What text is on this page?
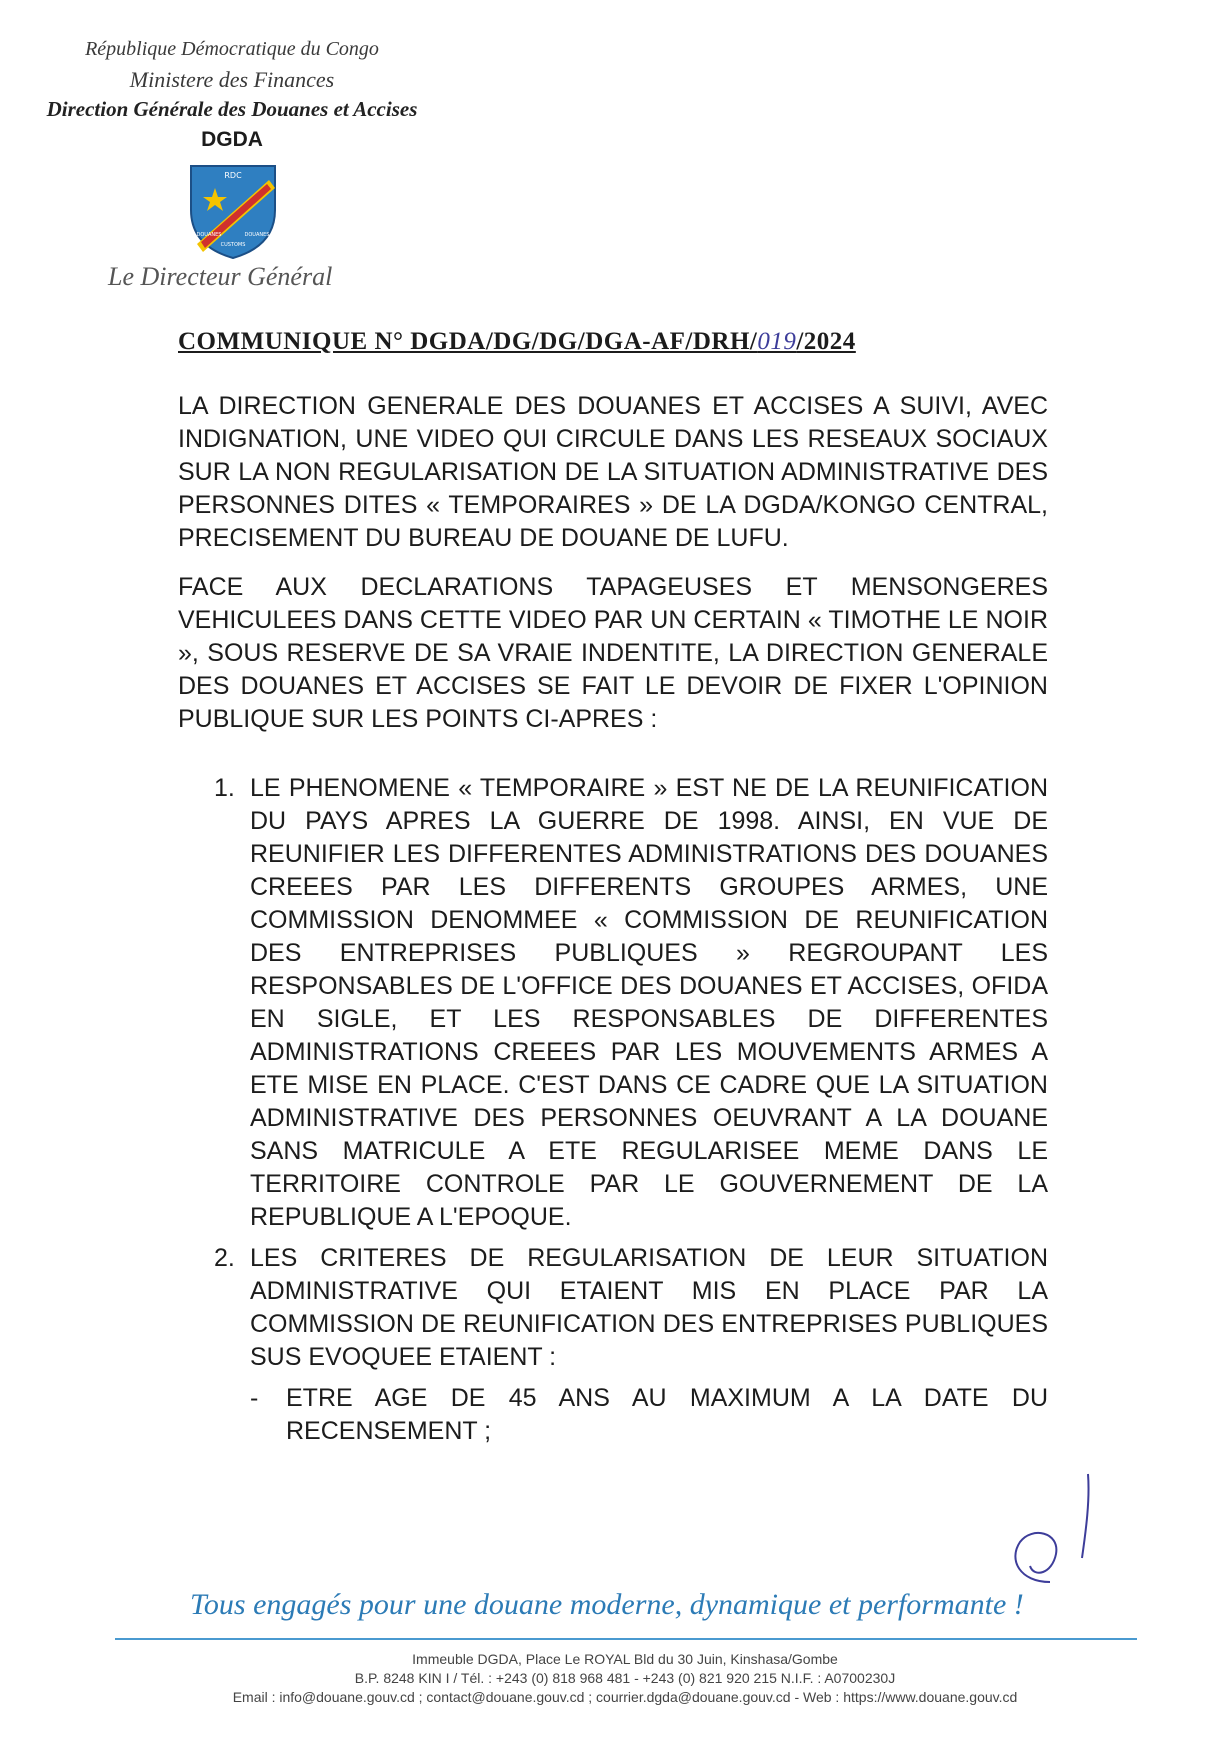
République Démocratique du Congo

Ministere des Finances

Direction Générale des Douanes et Accises

DGDA

RDC
DOUANES
CUSTOMS
DOUANES
Le Directeur Général
COMMUNIQUE N° DGDA/DG/DG/DGA-AF/DRH/019/2024

LA DIRECTION GENERALE DES DOUANES ET ACCISES A SUIVI, AVEC INDIGNATION, UNE VIDEO QUI CIRCULE DANS LES RESEAUX SOCIAUX SUR LA NON REGULARISATION DE LA SITUATION ADMINISTRATIVE DES PERSONNES DITES « TEMPORAIRES » DE LA DGDA/KONGO CENTRAL, PRECISEMENT DU BUREAU DE DOUANE DE LUFU.

FACE AUX DECLARATIONS TAPAGEUSES ET MENSONGERES VEHICULEES DANS CETTE VIDEO PAR UN CERTAIN « TIMOTHE LE NOIR », SOUS RESERVE DE SA VRAIE INDENTITE, LA DIRECTION GENERALE DES DOUANES ET ACCISES SE FAIT LE DEVOIR DE FIXER L'OPINION PUBLIQUE SUR LES POINTS CI-APRES :

1. LE PHENOMENE « TEMPORAIRE » EST NE DE LA REUNIFICATION DU PAYS APRES LA GUERRE DE 1998. AINSI, EN VUE DE REUNIFIER LES DIFFERENTES ADMINISTRATIONS DES DOUANES CREEES PAR LES DIFFERENTS GROUPES ARMES, UNE COMMISSION DENOMMEE « COMMISSION DE REUNIFICATION DES ENTREPRISES PUBLIQUES » REGROUPANT LES RESPONSABLES DE L'OFFICE DES DOUANES ET ACCISES, OFIDA EN SIGLE, ET LES RESPONSABLES DE DIFFERENTES ADMINISTRATIONS CREEES PAR LES MOUVEMENTS ARMES A ETE MISE EN PLACE. C'EST DANS CE CADRE QUE LA SITUATION ADMINISTRATIVE DES PERSONNES OEUVRANT A LA DOUANE SANS MATRICULE A ETE REGULARISEE MEME DANS LE TERRITOIRE CONTROLE PAR LE GOUVERNEMENT DE LA REPUBLIQUE A L'EPOQUE.
2. LES CRITERES DE REGULARISATION DE LEUR SITUATION ADMINISTRATIVE QUI ETAIENT MIS EN PLACE PAR LA COMMISSION DE REUNIFICATION DES ENTREPRISES PUBLIQUES SUS EVOQUEE ETAIENT :
- ETRE AGE DE 45 ANS AU MAXIMUM A LA DATE DU RECENSEMENT ;
Tous engagés pour une douane moderne, dynamique et performante !
Immeuble DGDA, Place Le ROYAL Bld du 30 Juin, Kinshasa/Gombe
B.P. 8248 KIN I / Tél. : +243 (0) 818 968 481 - +243 (0) 821 920 215 N.I.F. : A0700230J
Email : info@douane.gouv.cd ; contact@douane.gouv.cd ; courrier.dgda@douane.gouv.cd - Web : https://www.douane.gouv.cd
